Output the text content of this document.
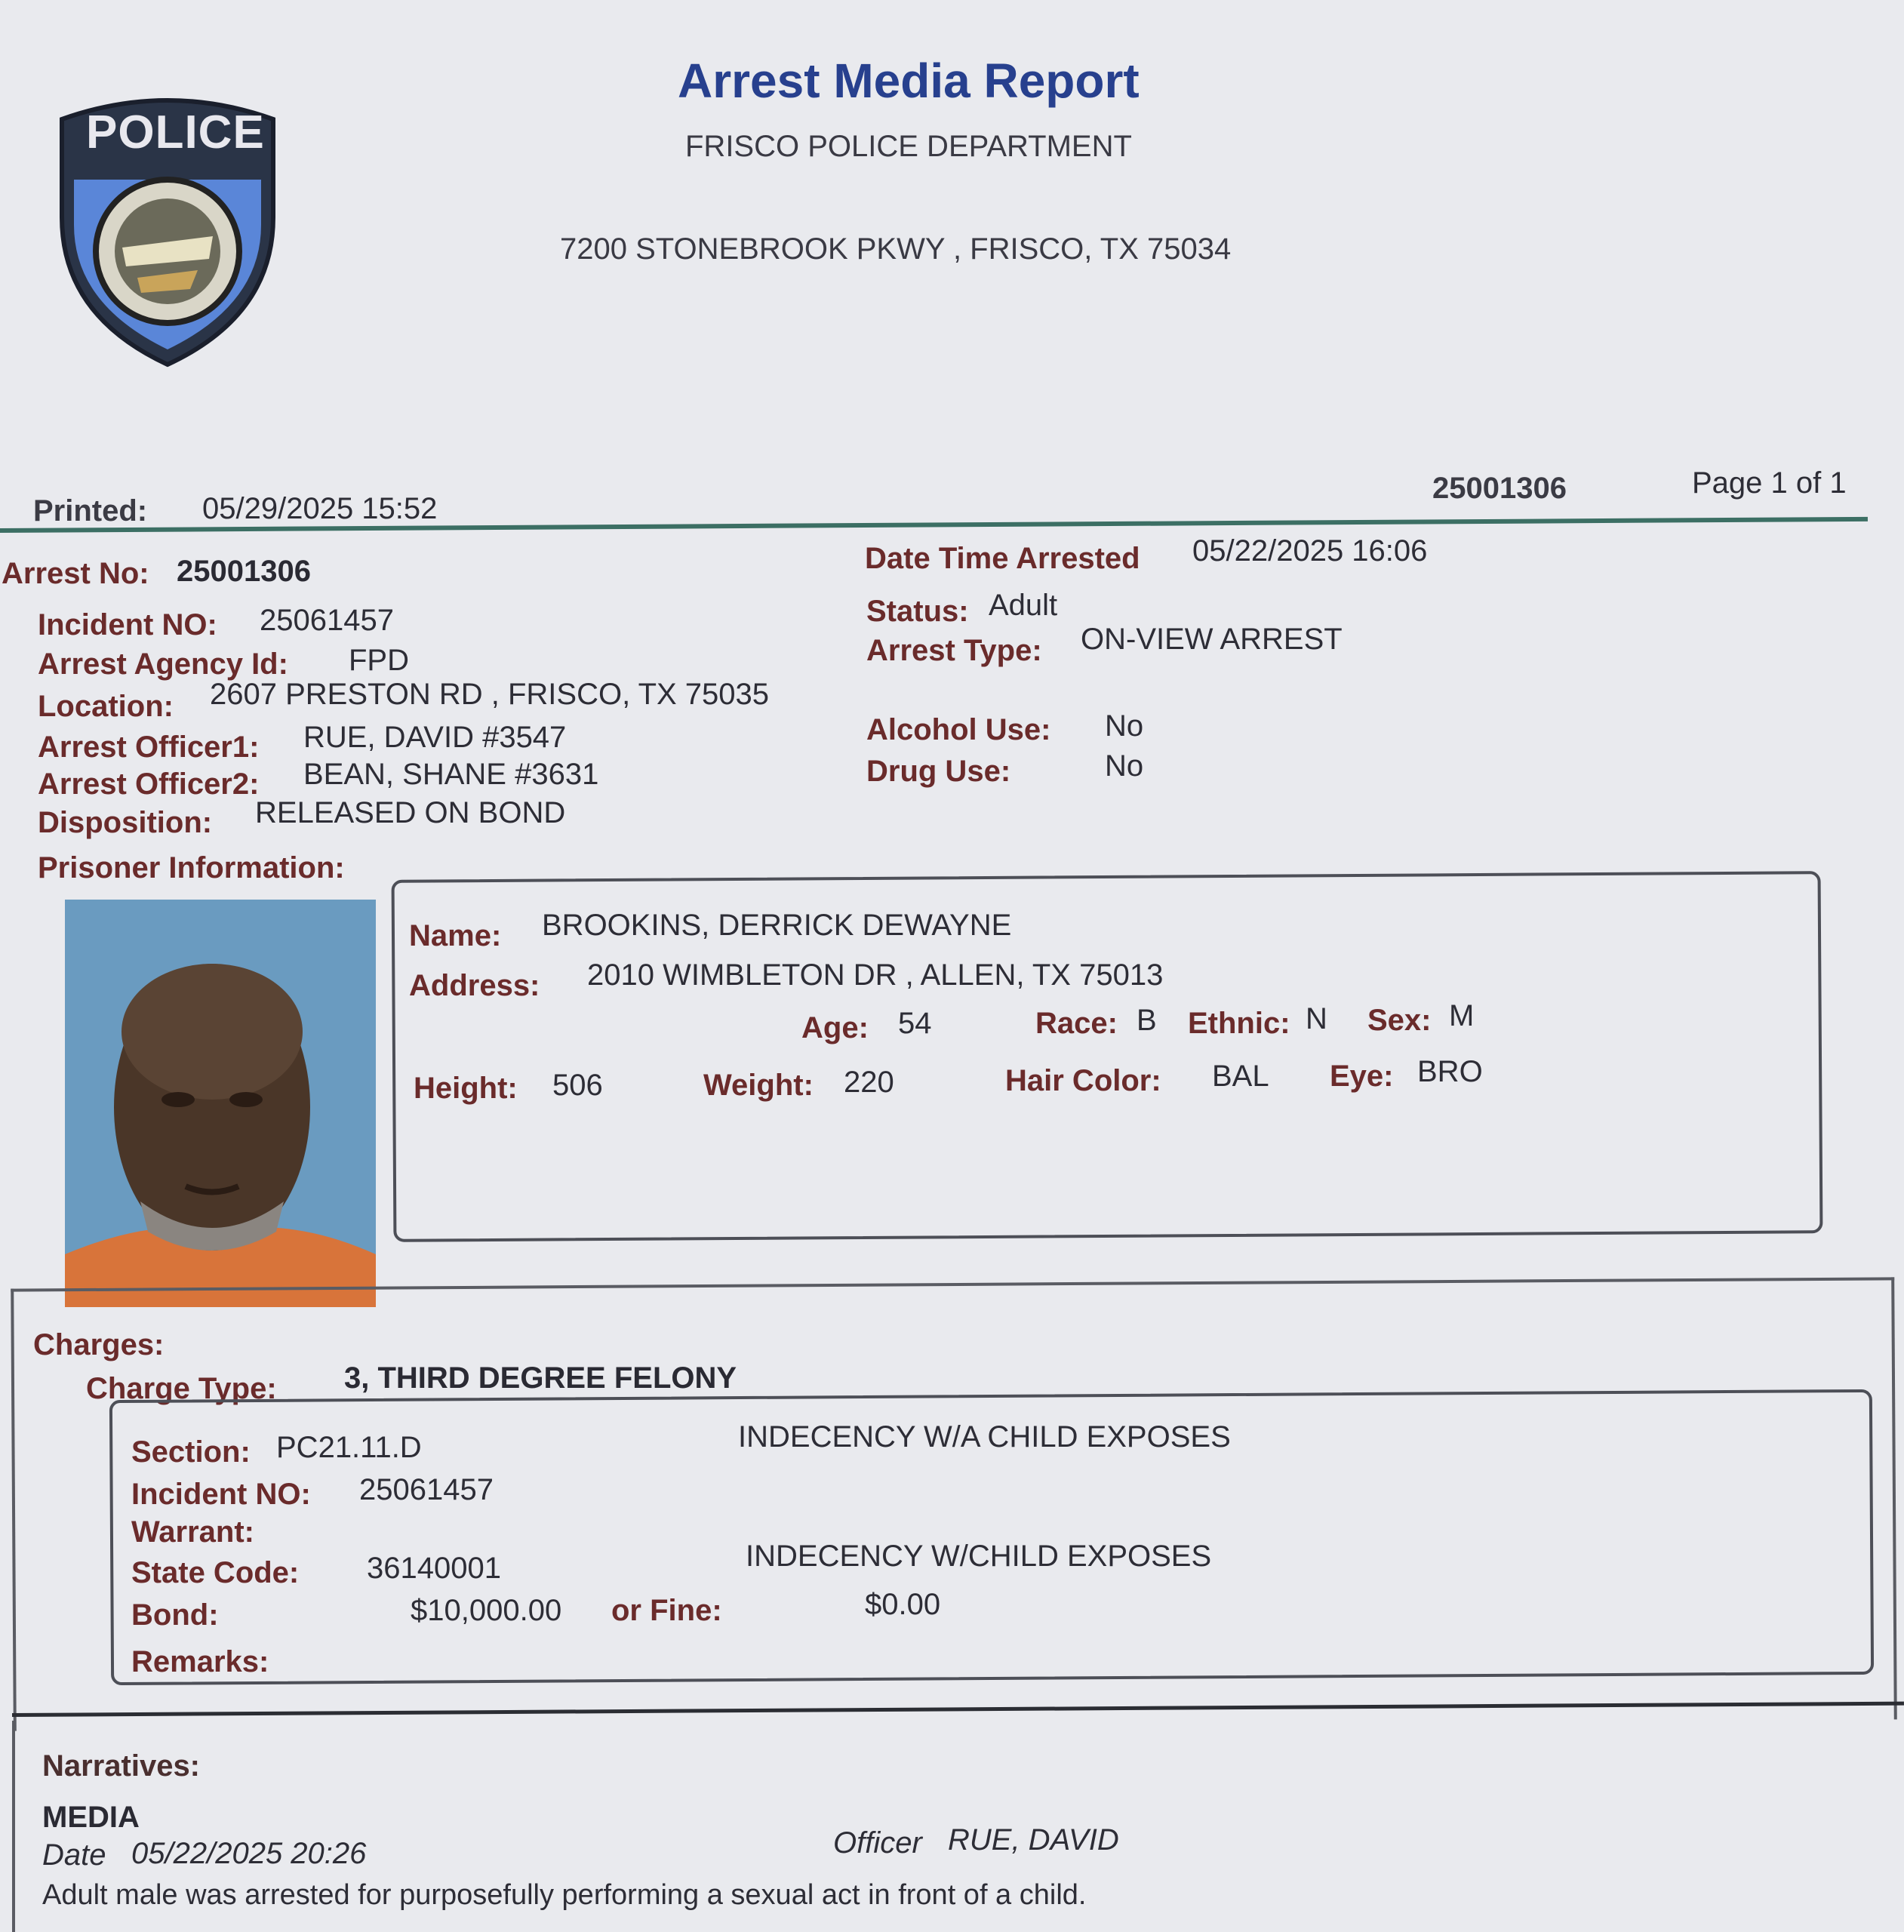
POLICE
Arrest Media Report
FRISCO POLICE DEPARTMENT
7200 STONEBROOK PKWY , FRISCO, TX 75034
Printed: 05/29/2025 15:52
25001306	Page 1 of 1
Arrest No: 25001306
Incident NO: 25061457
Arrest Agency Id: FPD
Location: 2607 PRESTON RD , FRISCO, TX 75035
Arrest Officer1: RUE, DAVID #3547
Arrest Officer2: BEAN, SHANE #3631
Disposition: RELEASED ON BOND
Date Time Arrested 05/22/2025 16:06
Status: Adult
Arrest Type: ON-VIEW ARREST
Alcohol Use: No
Drug Use:	No
Prisoner Information:
Name: BROOKINS, DERRICK DEWAYNE
Address: 2010 WIMBLETON DR , ALLEN, TX 75013
Age: 54	Race: B Ethnic: N Sex: M
Height: 506	Weight: 220	Hair Color: BAL Eye: BRO
Charges:
Charge Type: 3, THIRD DEGREE FELONY
Section: PC21.11.D	INDECENCY W/A CHILD EXPOSES
Incident NO: 25061457
Warrant:
State Code: 36140001	INDECENCY W/CHILD EXPOSES
Bond:	$10,000.00 or Fine:	$0.00
Remarks:
Narratives:
MEDIA
Date 05/22/2025 20:26	Officer RUE, DAVID
Adult male was arrested for purposefully performing a sexual act in front of a child.
